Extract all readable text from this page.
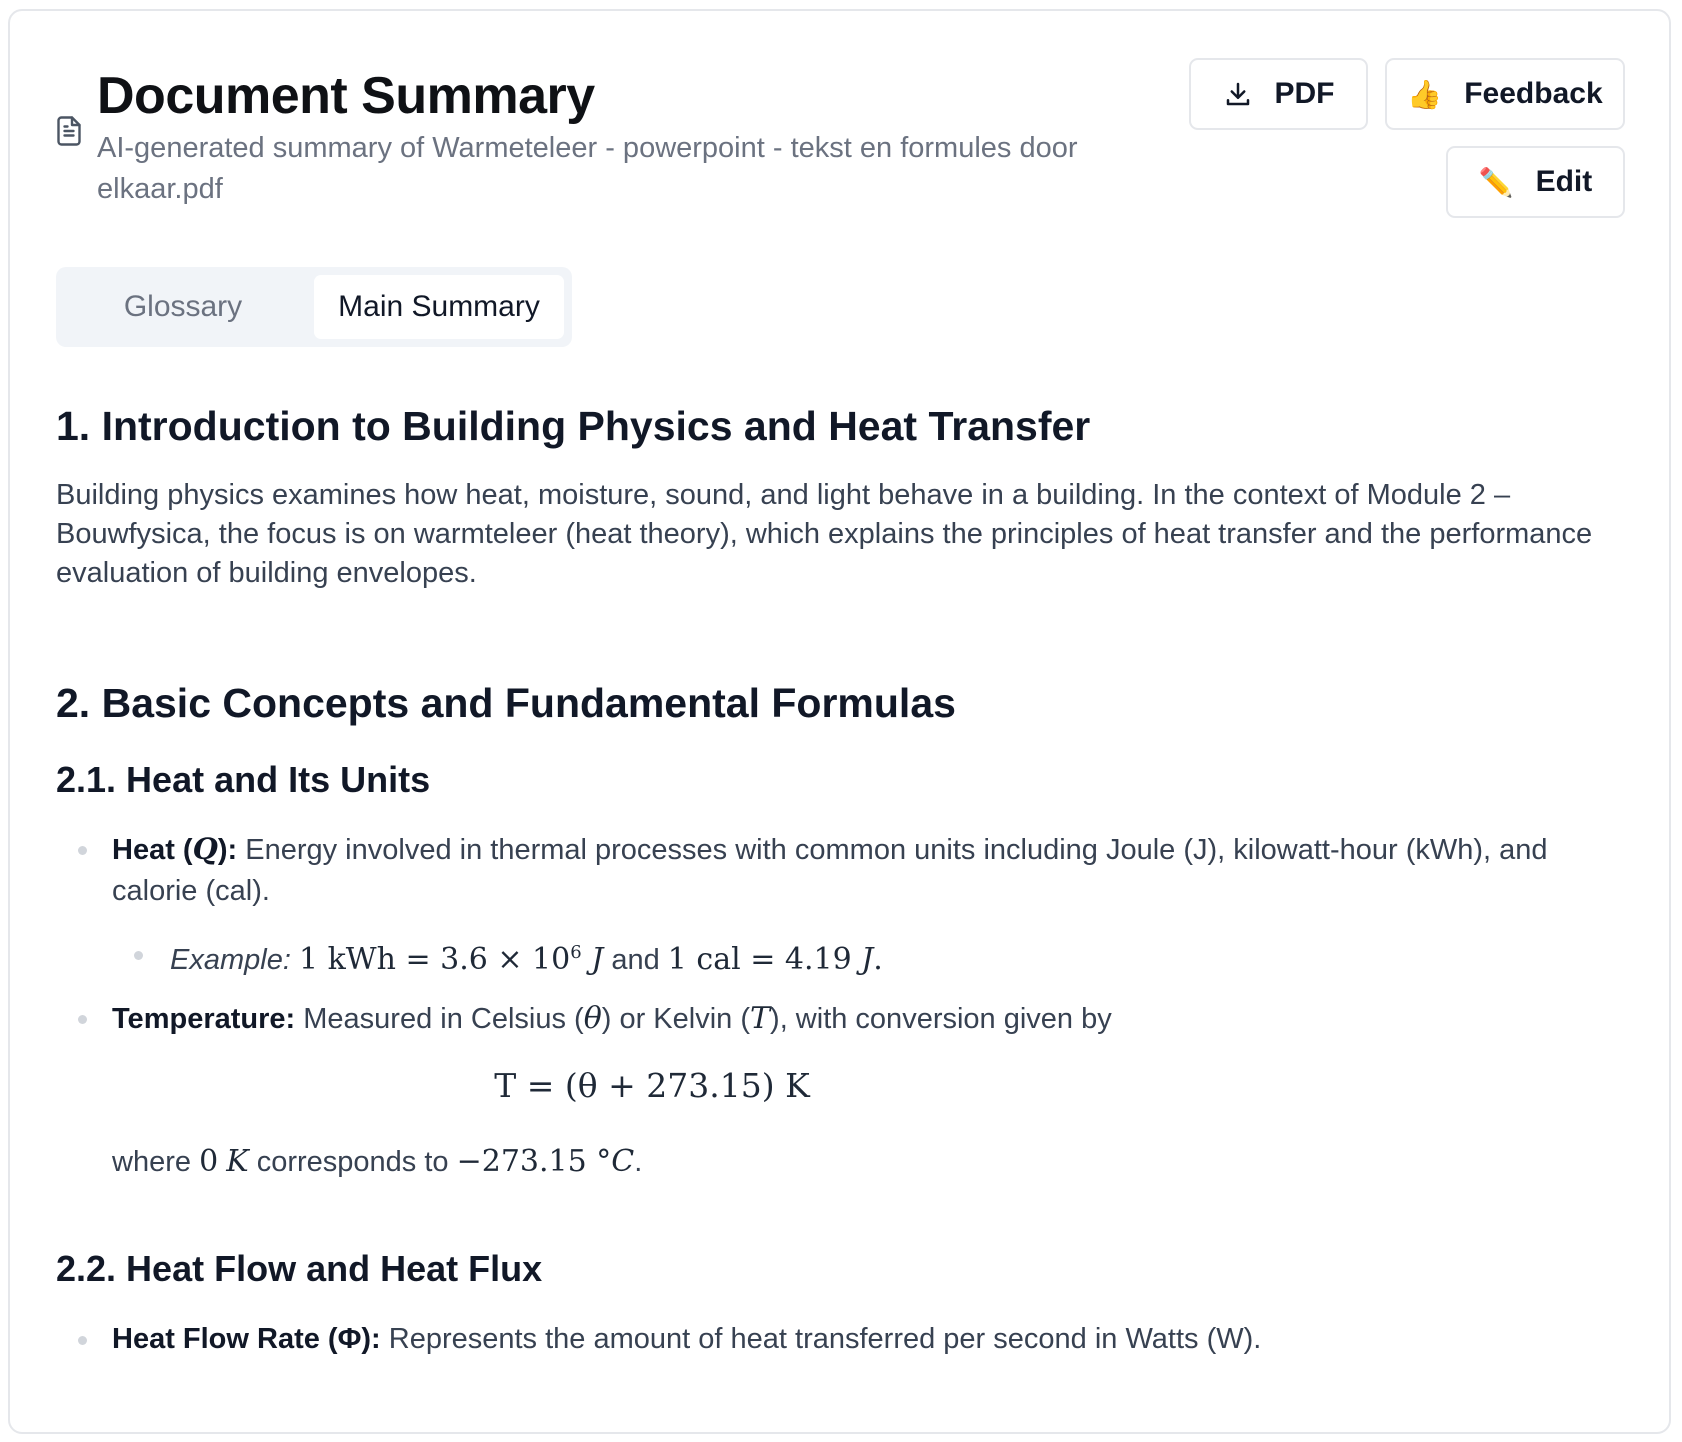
Document Summary
AI-generated summary of Warmeteleer - powerpoint - tekst en formules door elkaar.pdf
PDF	👍 Feedback
✏️ Edit
Glossary	Main Summary
1. Introduction to Building Physics and Heat Transfer

Building physics examines how heat, moisture, sound, and light behave in a building. In the context of Module 2 – Bouwfysica, the focus is on warmteleer (heat theory), which explains the principles of heat transfer and the performance evaluation of building envelopes.

2. Basic Concepts and Fundamental Formulas
2.1. Heat and Its Units
Heat (Q): Energy involved in thermal processes with common units including Joule (J), kilowatt-hour (kWh), and calorie (cal).
Example: 1 kWh = $3.6 \times 10^6$ J and 1 cal = 4.19 J.
Temperature: Measured in Celsius (θ) or Kelvin (T), with conversion given by
T = (θ + 273.15) K
where 0 K corresponds to −273.15 °C.
2.2. Heat Flow and Heat Flux
Heat Flow Rate (Φ): Represents the amount of heat transferred per second in Watts (W).
